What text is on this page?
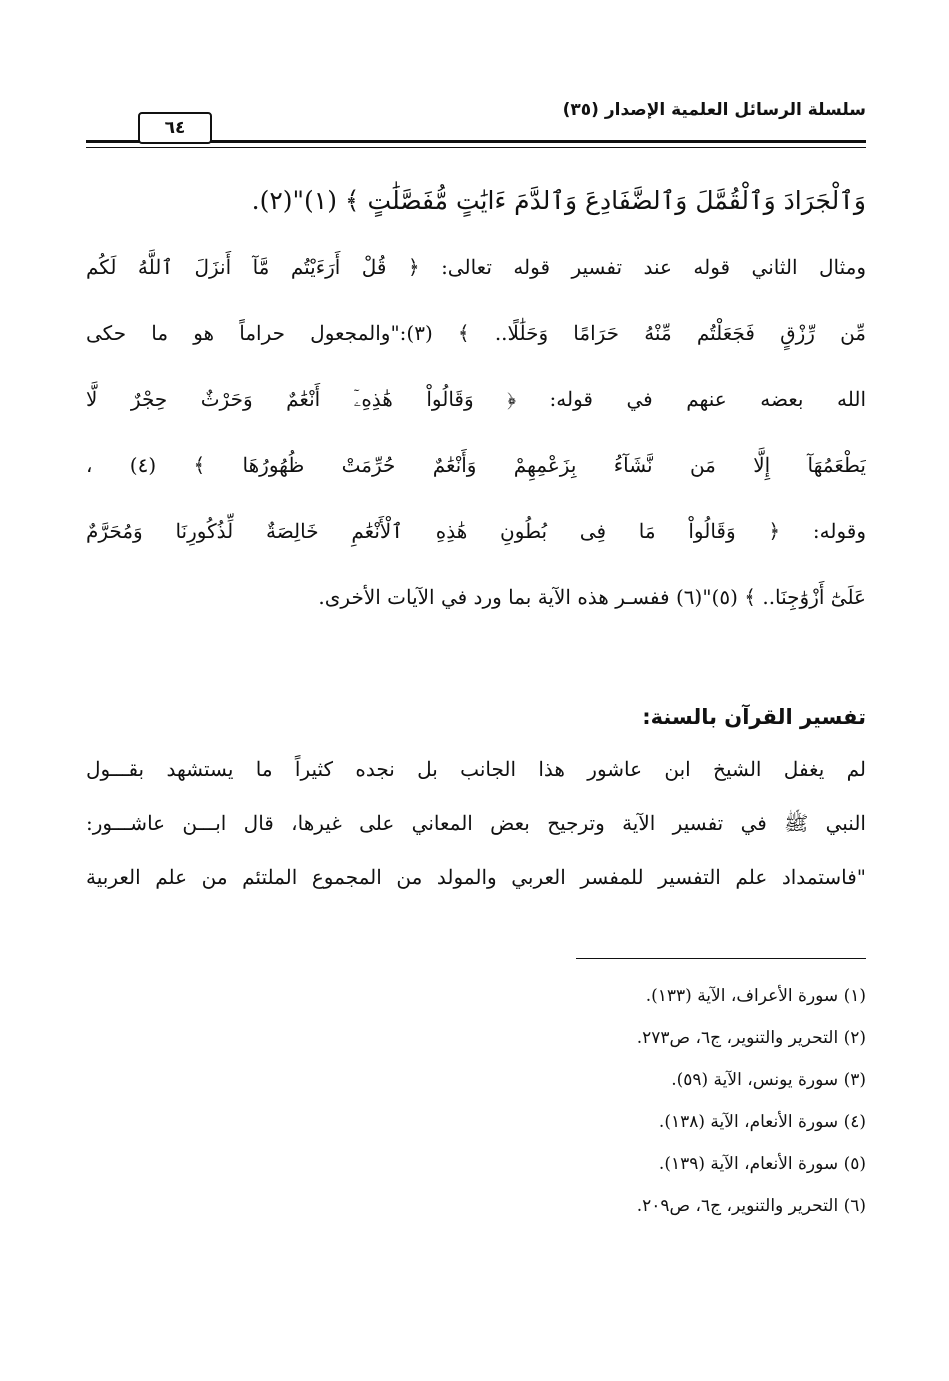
سلسلة الرسائل العلمية الإصدار (٣٥)
٦٤
وَٱلْجَرَادَ وَٱلْقُمَّلَ وَٱلضَّفَادِعَ وَٱلدَّمَ ءَايَٰتٍ مُّفَصَّلَٰتٍ ﴾ (١)"(٢).
ومثال الثاني قوله عند تفسير قوله تعالى: ﴿ قُلْ أَرَءَيْتُم مَّآ أَنزَلَ ٱللَّهُ لَكُم
مِّن رِّزْقٍ فَجَعَلْتُم مِّنْهُ حَرَامًا وَحَلَٰلًا.. ﴾ (٣):"والمجعول حراماً هو ما حكى
الله بعضه عنهم في قوله: ﴿ وَقَالُواْ هَٰذِهِۦٓ أَنْعَٰمٌ وَحَرْثٌ حِجْرٌ لَّا
يَطْعَمُهَآ إِلَّا مَن نَّشَآءُ بِزَعْمِهِمْ وَأَنْعَٰمٌ حُرِّمَتْ ظُهُورُهَا ﴾ (٤) ،
وقوله: ﴿ وَقَالُواْ مَا فِى بُطُونِ هَٰذِهِ ٱلْأَنْعَٰمِ خَالِصَةٌ لِّذُكُورِنَا وَمُحَرَّمٌ
عَلَىٰٓ أَزْوَٰجِنَا.. ﴾ (٥)"(٦) ففسـر هذه الآية بما ورد في الآيات الأخرى.
تفسير القرآن بالسنة:
لم يغفل الشيخ ابن عاشور هذا الجانب بل نجده كثيراً ما يستشهد بقـــول
النبي ﷺ في تفسير الآية وترجيح بعض المعاني على غيرها، قال ابـــن عاشـــور:
"فاستمداد علم التفسير للمفسر العربي والمولد من المجموع الملتئم من علم العربية
(١) سورة الأعراف، الآية (١٣٣).
(٢) التحرير والتنوير، ج٦، ص٢٧٣.
(٣) سورة يونس، الآية (٥٩).
(٤) سورة الأنعام، الآية (١٣٨).
(٥) سورة الأنعام، الآية (١٣٩).
(٦) التحرير والتنوير، ج٦، ص٢٠٩.
